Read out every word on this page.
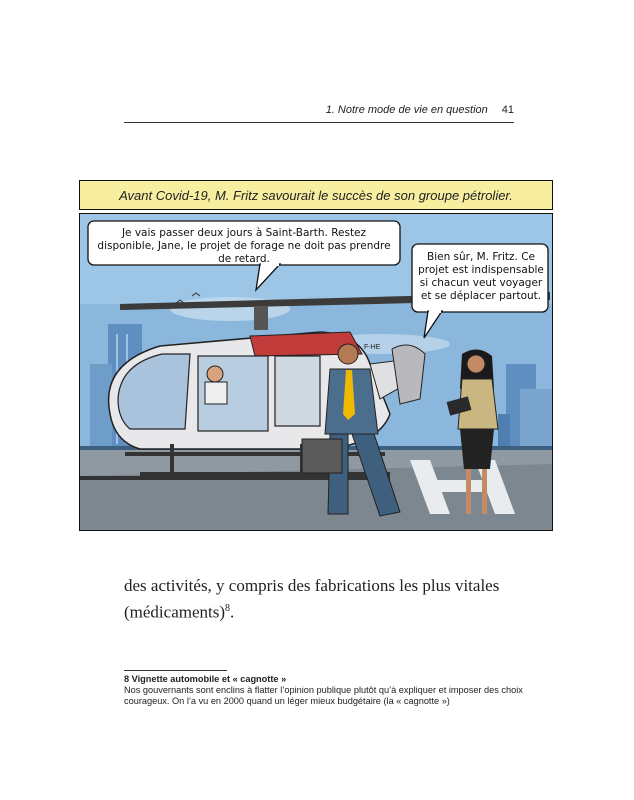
1. Notre mode de vie en question 41
Avant Covid-19, M. Fritz savourait le succès de son groupe pétrolier.
F-HE
Je vais passer deux jours à Saint-Barth. Restez disponible, Jane, le projet de forage ne doit pas prendre de retard.	Bien sûr, M. Fritz. Ce projet est indispensable si chacun veut voyager et se déplacer partout.
des activités, y compris des fabrications les plus vitales (médicaments)$^8$.
8 Vignette automobile et « cagnotte »
Nos gouvernants sont enclins à flatter l’opinion publique plutôt qu’à expliquer et imposer des choix courageux. On l’a vu en 2000 quand un léger mieux budgétaire (la « cagnotte »)
